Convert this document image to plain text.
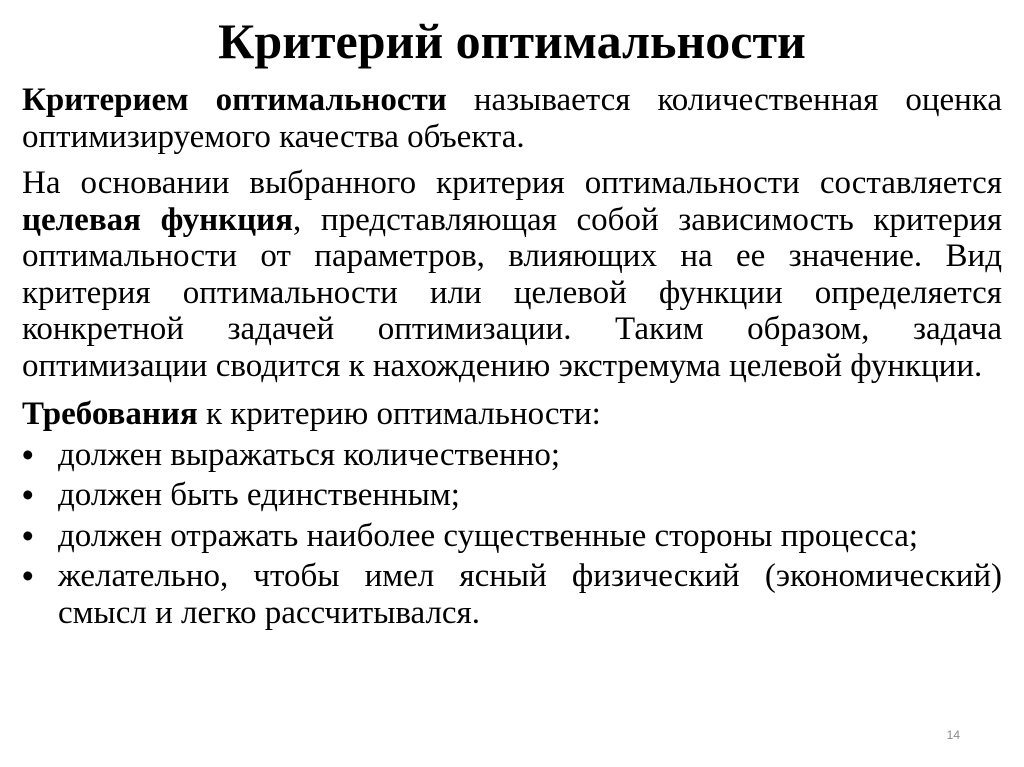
Критерий оптимальности

Критерием оптимальности называется количественная оценка оптимизируемого качества объекта.

На основании выбранного критерия оптимальности составляется целевая функция, представляющая собой зависимость критерия оптимальности от параметров, влияющих на ее значение. Вид критерия оптимальности или целевой функции определяется конкретной задачей оптимизации. Таким образом, задача оптимизации сводится к нахождению экстремума целевой функции.

Требования к критерию оптимальности:

• должен выражаться количественно;
• должен быть единственным;
• должен отражать наиболее существенные стороны процесса;
• желательно, чтобы имел ясный физический (экономический) смысл и легко рассчитывался.
14
